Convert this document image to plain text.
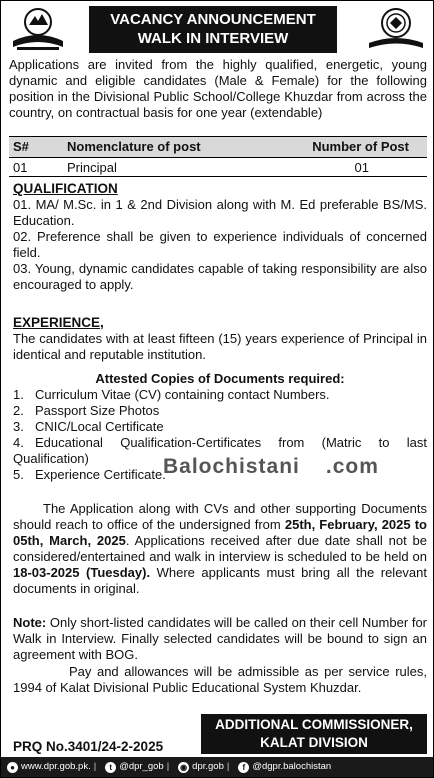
VACANCY ANNOUNCEMENT
WALK IN INTERVIEW
Applications are invited from the highly qualified, energetic, young dynamic and eligible candidates (Male & Female) for the following position in the Divisional Public School/College Khuzdar from across the country, on contractual basis for one year (extendable)
S#	Nomenclature of post	Number of Post
01	Principal	01
QUALIFICATION
01. MA/ M.Sc. in 1 & 2nd Division along with M. Ed preferable BS/MS. Education.
02. Preference shall be given to experience individuals of concerned field.
03. Young, dynamic candidates capable of taking responsibility are also encouraged to apply.
EXPERIENCE,
The candidates with at least fifteen (15) years experience of Principal in identical and reputable institution.
Attested Copies of Documents required:
1. Curriculum Vitae (CV) containing contact Numbers.
2. Passport Size Photos
3. CNIC/Local Certificate
4. Educational Qualification-Certificates from (Matric to last Qualification)
5. Experience Certificate.
Balochistani .com
The Application along with CVs and other supporting Documents should reach to office of the undersigned from 25th, February, 2025 to 05th, March, 2025. Applications received after due date shall not be considered/entertained and walk in interview is scheduled to be held on 18-03-2025 (Tuesday). Where applicants must bring all the relevant documents in original.
Note: Only short-listed candidates will be called on their cell Number for Walk in Interview. Finally selected candidates will be bound to sign an agreement with BOG.
Pay and allowances will be admissible as per service rules, 1994 of Kalat Divisional Public Educational System Khuzdar.
ADDITIONAL COMMISSIONER,
KALAT DIVISION
PRQ No.3401/24-2-2025
● www.dpr.gob.pk. |	t @dpr_gob | ◉ dpr.gob |	f @dgpr.balochistan
